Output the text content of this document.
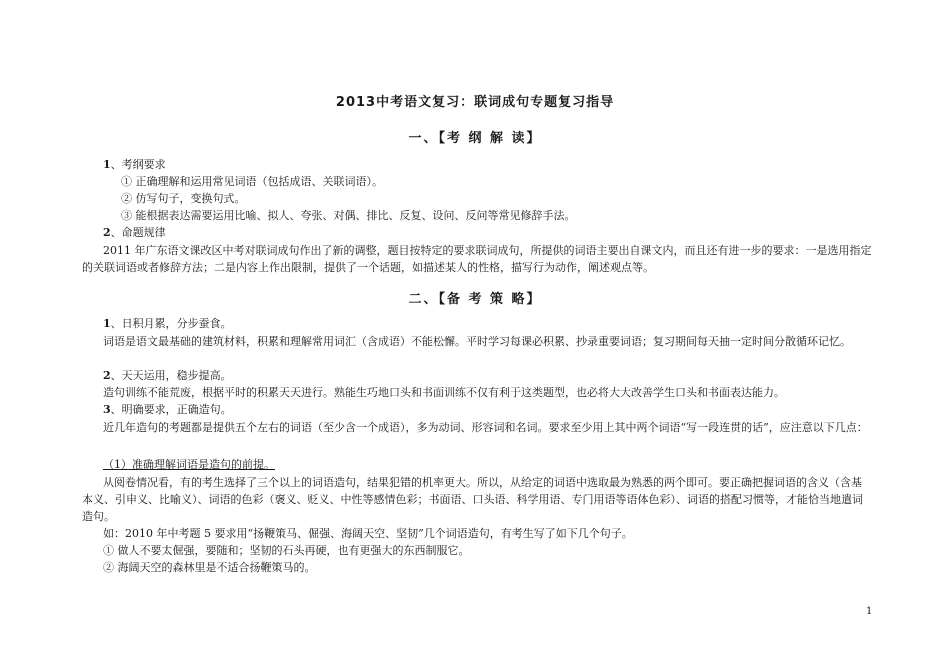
2013中考语文复习：联词成句专题复习指导
一、【考 纲 解 读】
1、考纲要求
① 正确理解和运用常见词语（包括成语、关联词语）。
② 仿写句子，变换句式。
③ 能根据表达需要运用比喻、拟人、夸张、对偶、排比、反复、设问、反问等常见修辞手法。
2、命题规律
2011 年广东语文课改区中考对联词成句作出了新的调整，题目按特定的要求联词成句，所提供的词语主要出自课文内，而且还有进一步的要求：一是选用指定的关联词语或者修辞方法；二是内容上作出限制，提供了一个话题，如描述某人的性格，描写行为动作，阐述观点等。
二、【备 考 策 略】
1、日积月累，分步蚕食。
词语是语文最基础的建筑材料，积累和理解常用词汇（含成语）不能松懈。平时学习每课必积累、抄录重要词语；复习期间每天抽一定时间分散循环记忆。
2、天天运用，稳步提高。
造句训练不能荒废，根据平时的积累天天进行。熟能生巧地口头和书面训练不仅有利于这类题型，也必将大大改善学生口头和书面表达能力。
3、明确要求，正确造句。
近几年造句的考题都是提供五个左右的词语（至少含一个成语），多为动词、形容词和名词。要求至少用上其中两个词语“写一段连贯的话”，应注意以下几点：
（1）准确理解词语是造句的前提。
从阅卷情况看，有的考生选择了三个以上的词语造句，结果犯错的机率更大。所以，从给定的词语中选取最为熟悉的两个即可。要正确把握词语的含义（含基本义、引申义、比喻义）、词语的色彩（褒义、贬义、中性等感情色彩；书面语、口头语、科学用语、专门用语等语体色彩）、词语的搭配习惯等，才能恰当地遣词造句。
如：2010 年中考题 5 要求用“扬鞭策马、倔强、海阔天空、坚韧”几个词语造句，有考生写了如下几个句子。
① 做人不要太倔强，要随和；坚韧的石头再硬，也有更强大的东西制服它。
② 海阔天空的森林里是不适合扬鞭策马的。
1
